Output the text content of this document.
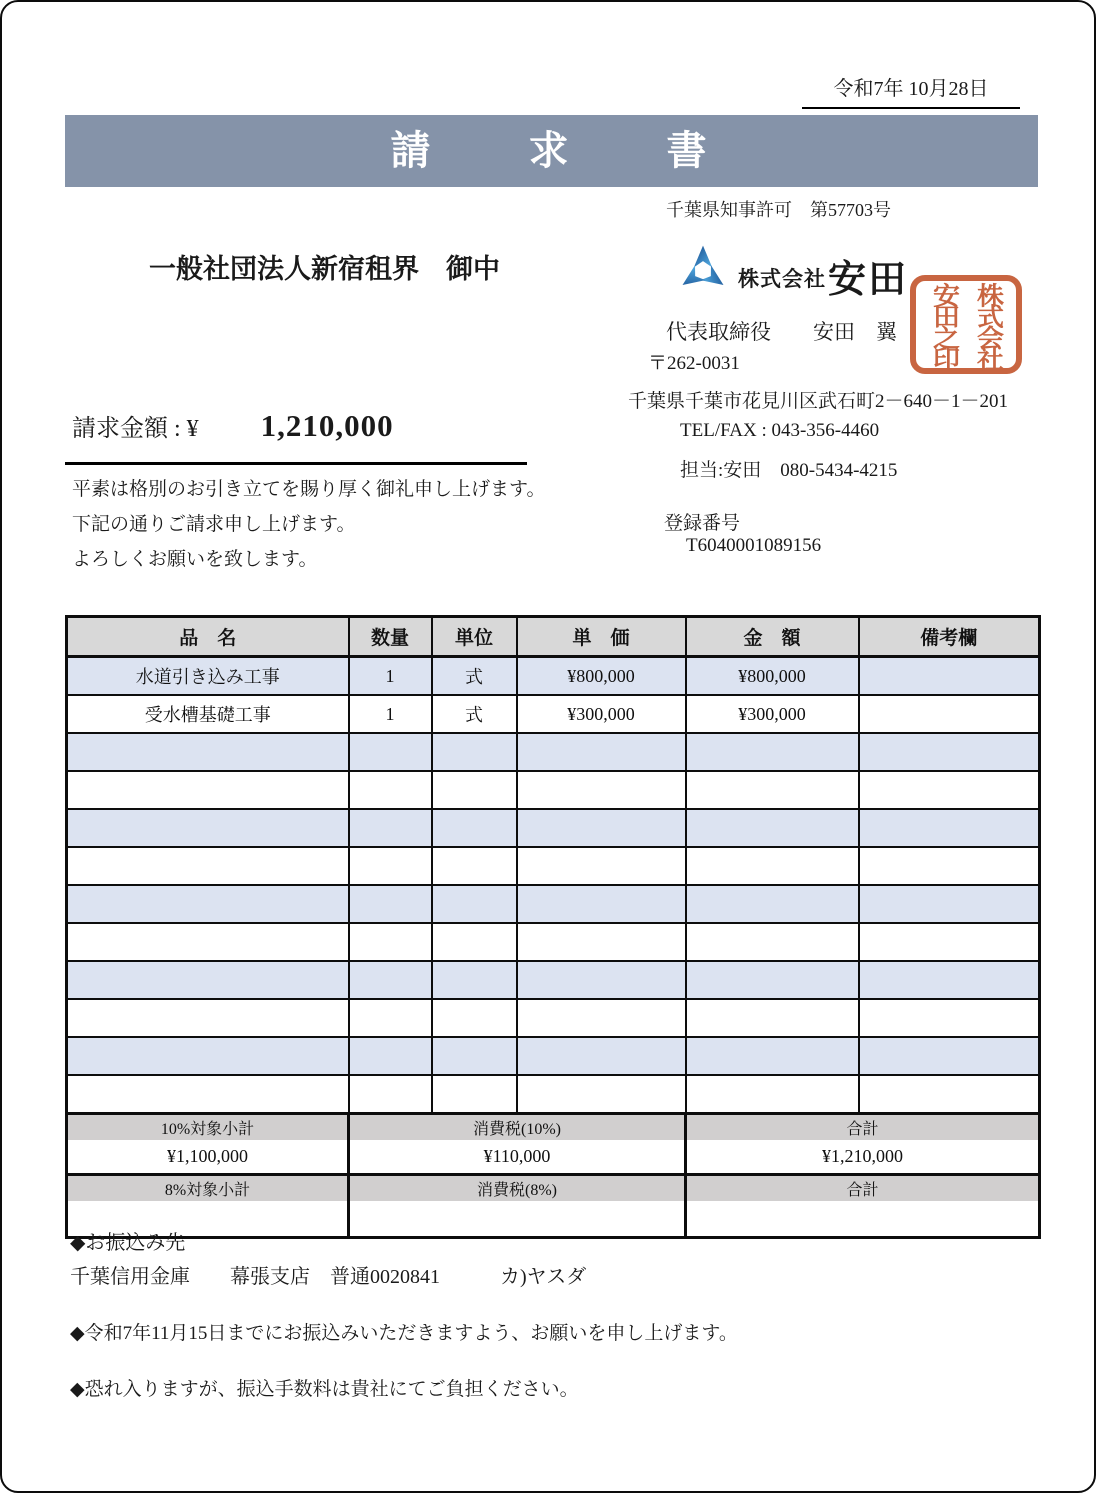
令和7年 10月28日
請　　求　　書
千葉県知事許可　第57703号
一般社団法人新宿租界　御中	株式会社 安田
株式会社
安田之印
代表取締役　　安田　翼
〒262-0031
千葉県千葉市花見川区武石町2－640－1－201
TEL/FAX : 043-356-4460
担当:安田　080-5434-4215
登録番号
T6040001089156
請求金額 : ¥ 1,210,000
平素は格別のお引き立てを賜り厚く御礼申し上げます。
下記の通りご請求申し上げます。
よろしくお願いを致します。
品　名	数量	単位	単　価	金　額	備考欄
水道引き込み工事	1	式	¥800,000	¥800,000	
受水槽基礎工事	1	式	¥300,000	¥300,000	

10%対象小計	消費税(10%)			合計	
¥1,100,000	¥110,000			¥1,210,000	
8%対象小計	消費税(8%)			合計	

◆お振込み先
千葉信用金庫　　幕張支店　普通0020841　　　カ)ヤスダ
◆令和7年11月15日までにお振込みいただきますよう、お願いを申し上げます。
◆恐れ入りますが、振込手数料は貴社にてご負担ください。
